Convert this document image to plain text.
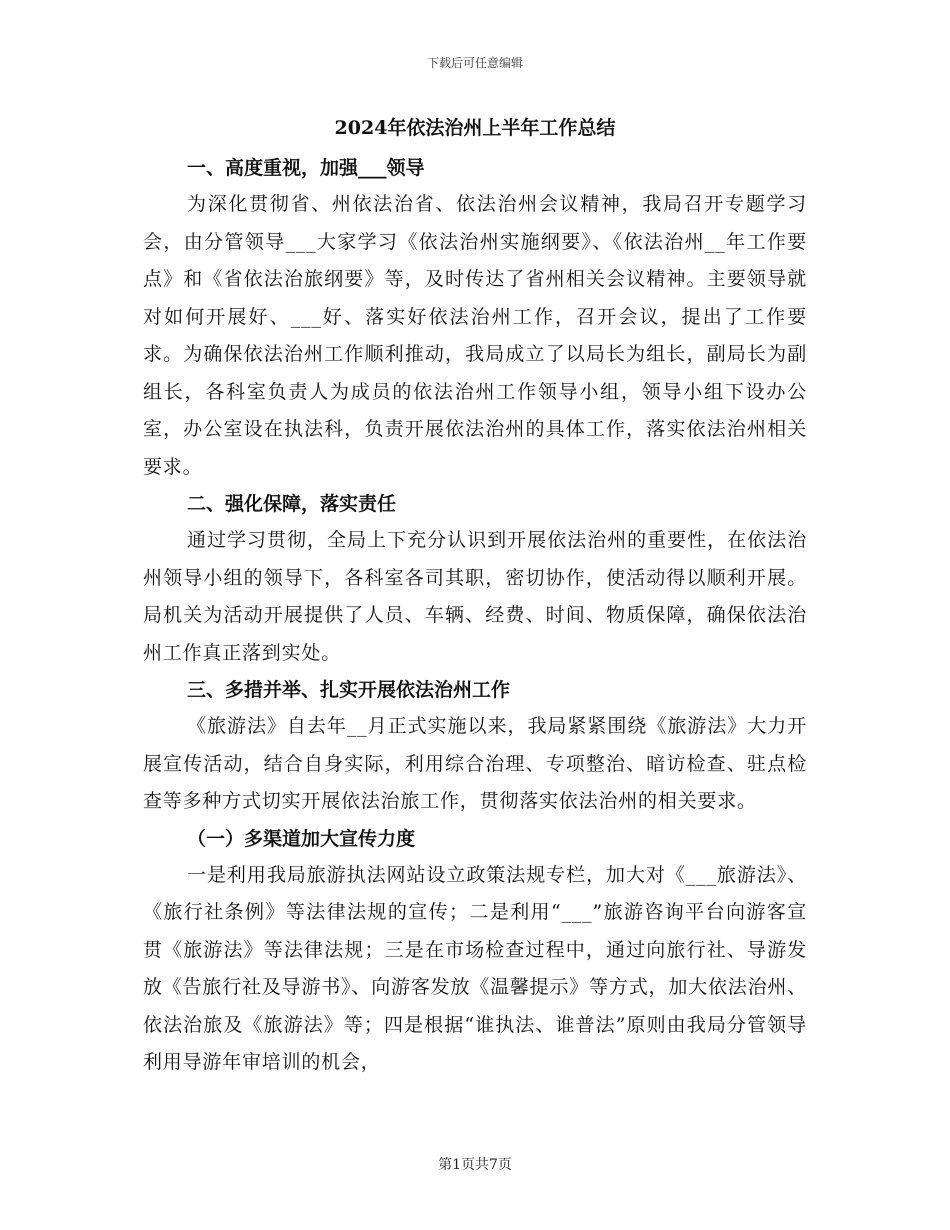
下载后可任意编辑
2024年依法治州上半年工作总结
一、高度重视，加强___领导

为深化贯彻省、州依法治省、依法治州会议精神，我局召开专题学习会，由分管领导___大家学习《依法治州实施纲要》、《依法治州__年工作要点》和《省依法治旅纲要》等，及时传达了省州相关会议精神。主要领导就对如何开展好、___好、落实好依法治州工作，召开会议，提出了工作要求。为确保依法治州工作顺利推动，我局成立了以局长为组长，副局长为副组长，各科室负责人为成员的依法治州工作领导小组，领导小组下设办公室，办公室设在执法科，负责开展依法治州的具体工作，落实依法治州相关要求。

二、强化保障，落实责任

通过学习贯彻，全局上下充分认识到开展依法治州的重要性，在依法治州领导小组的领导下，各科室各司其职，密切协作，使活动得以顺利开展。局机关为活动开展提供了人员、车辆、经费、时间、物质保障，确保依法治州工作真正落到实处。

三、多措并举、扎实开展依法治州工作

《旅游法》自去年__月正式实施以来，我局紧紧围绕《旅游法》大力开展宣传活动，结合自身实际，利用综合治理、专项整治、暗访检查、驻点检查等多种方式切实开展依法治旅工作，贯彻落实依法治州的相关要求。

（一）多渠道加大宣传力度

一是利用我局旅游执法网站设立政策法规专栏，加大对《___旅游法》、《旅行社条例》等法律法规的宣传；二是利用“___”旅游咨询平台向游客宣贯《旅游法》等法律法规；三是在市场检查过程中，通过向旅行社、导游发放《告旅行社及导游书》、向游客发放《温馨提示》等方式，加大依法治州、依法治旅及《旅游法》等；四是根据“谁执法、谁普法”原则由我局分管领导利用导游年审培训的机会，

第1页共7页
